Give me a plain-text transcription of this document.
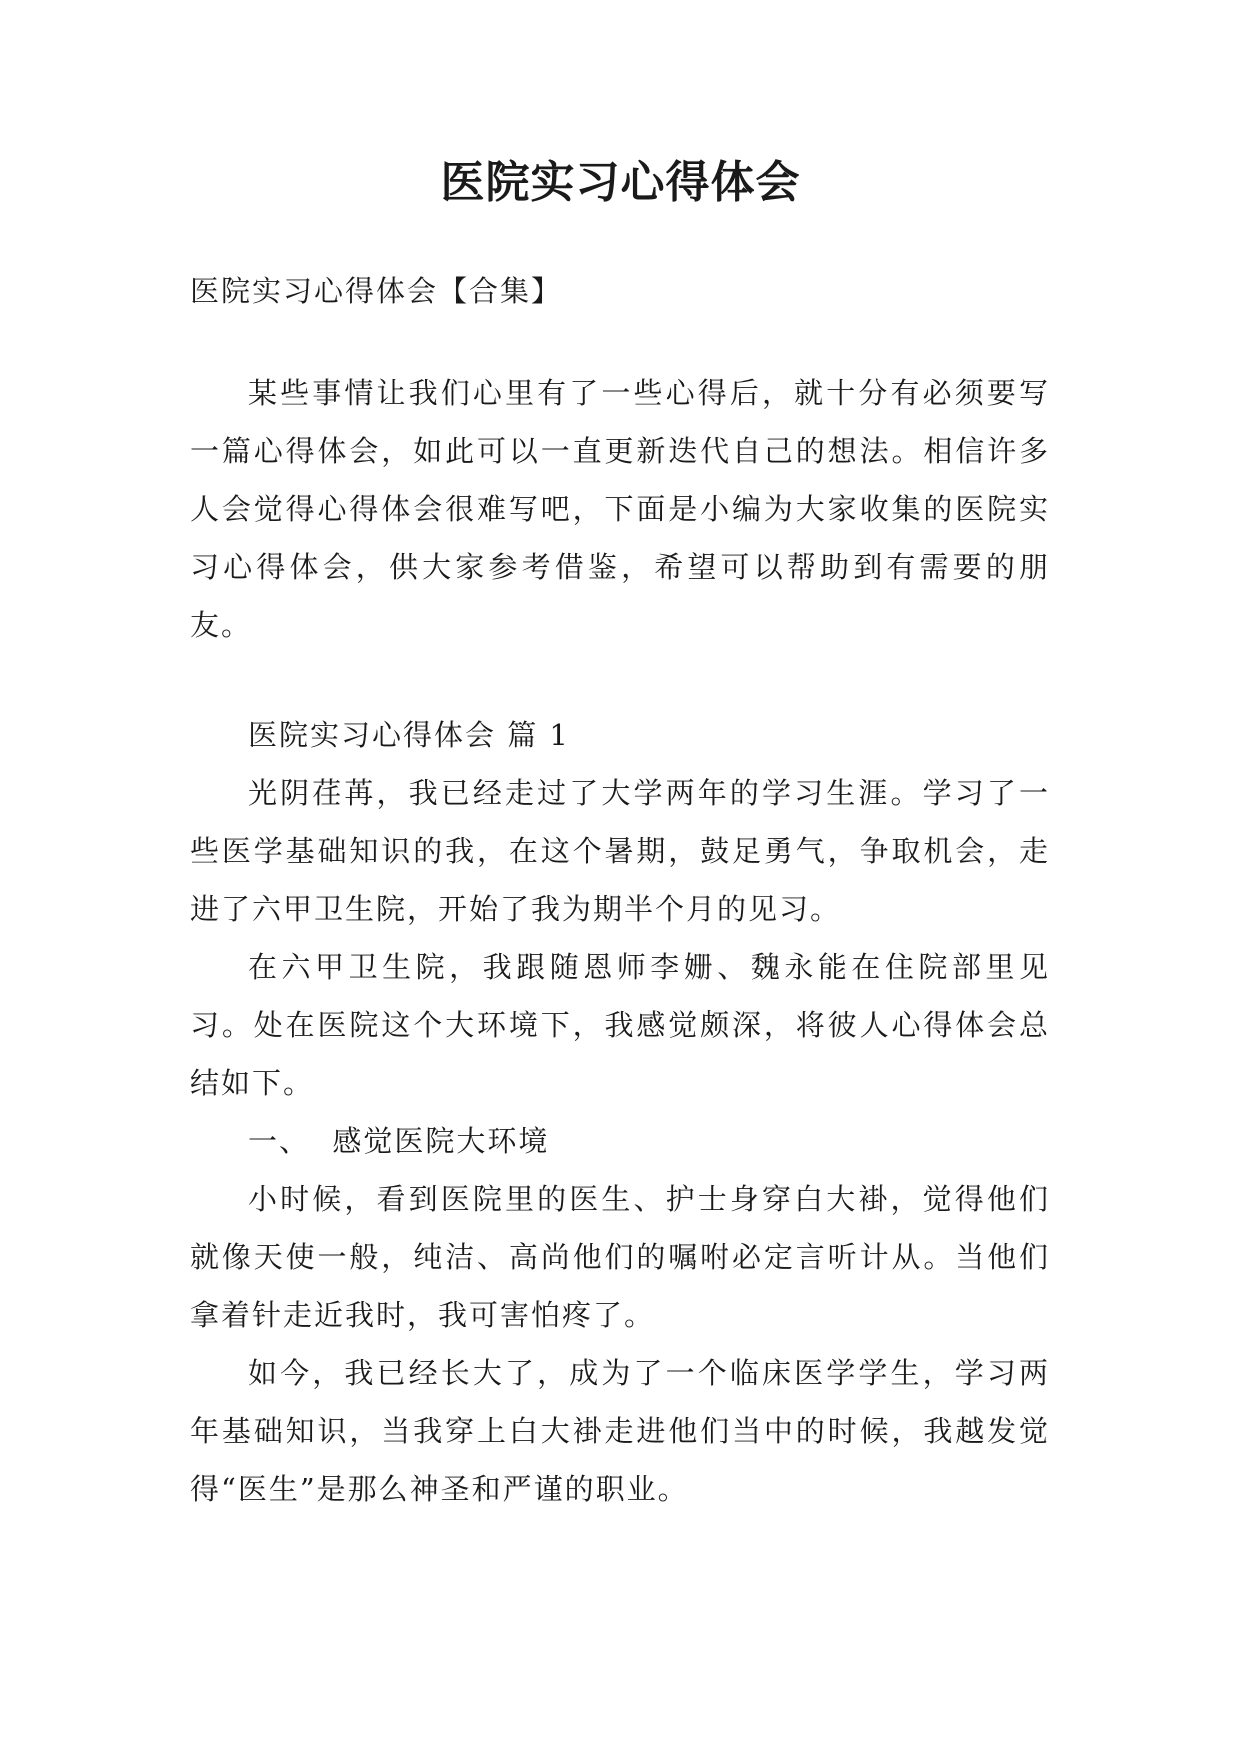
医院实习心得体会

医院实习心得体会【合集】

某些事情让我们心里有了一些心得后，就十分有必须要写一篇心得体会，如此可以一直更新迭代自己的想法。相信许多人会觉得心得体会很难写吧，下面是小编为大家收集的医院实习心得体会，供大家参考借鉴，希望可以帮助到有需要的朋友。

医院实习心得体会 篇 1

光阴荏苒，我已经走过了大学两年的学习生涯。学习了一些医学基础知识的我，在这个暑期，鼓足勇气，争取机会，走进了六甲卫生院，开始了我为期半个月的见习。

在六甲卫生院，我跟随恩师李姗、魏永能在住院部里见习。处在医院这个大环境下，我感觉颇深，将彼人心得体会总结如下。

一、  感觉医院大环境

小时候，看到医院里的医生、护士身穿白大褂，觉得他们就像天使一般，纯洁、高尚他们的嘱咐必定言听计从。当他们拿着针走近我时，我可害怕疼了。

如今，我已经长大了，成为了一个临床医学学生，学习两年基础知识，当我穿上白大褂走进他们当中的时候，我越发觉得“医生”是那么神圣和严谨的职业。
